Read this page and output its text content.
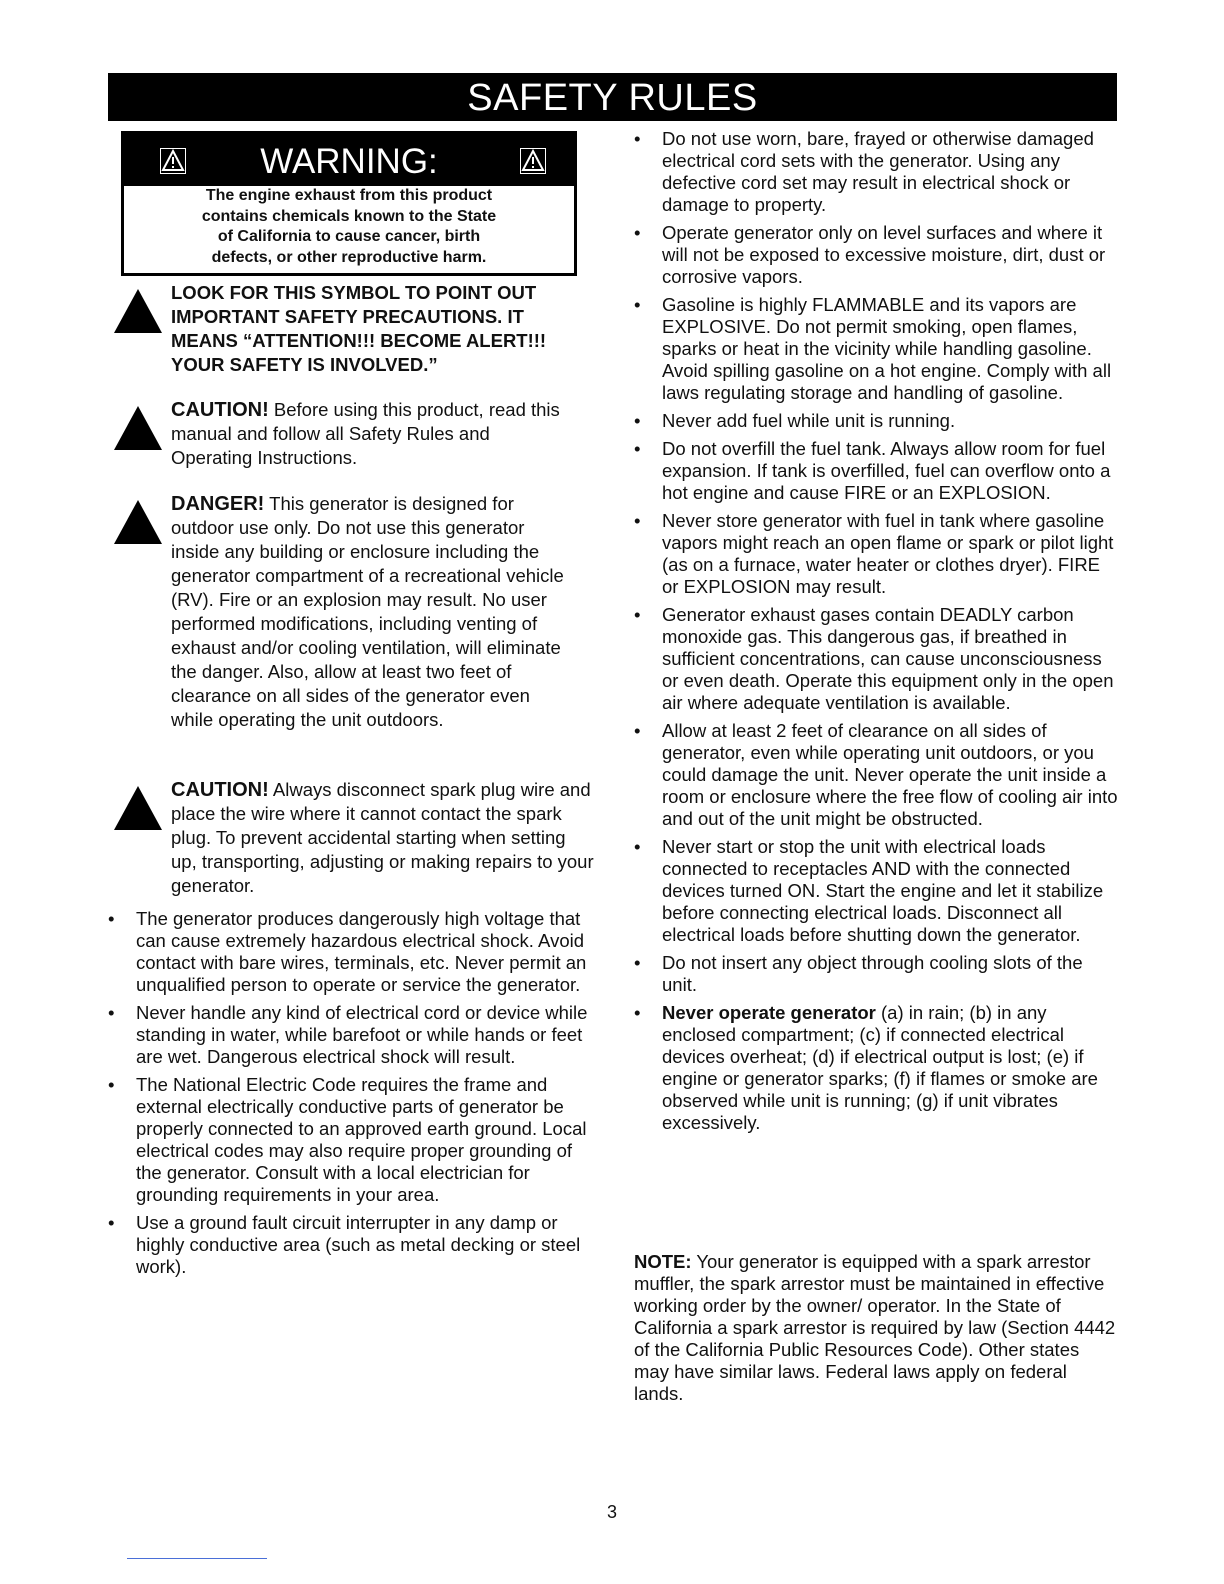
SAFETY RULES
WARNING:
The engine exhaust from this product
contains chemicals known to the State
of California to cause cancer, birth
defects, or other reproductive harm.

LOOK FOR THIS SYMBOL TO POINT OUT IMPORTANT SAFETY PRECAUTIONS. IT MEANS “ATTENTION!!! BECOME ALERT!!! YOUR SAFETY IS INVOLVED.”

CAUTION! Before using this product, read this manual and follow all Safety Rules and Operating Instructions.

DANGER! This generator is designed for outdoor use only. Do not use this generator inside any building or enclosure including the generator compartment of a recreational vehicle (RV). Fire or an explosion may result. No user performed modifications, including venting of exhaust and/or cooling ventilation, will eliminate the danger. Also, allow at least two feet of clearance on all sides of the generator even while operating the unit outdoors.

CAUTION! Always disconnect spark plug wire and place the wire where it cannot contact the spark plug. To prevent accidental starting when setting up, transporting, adjusting or making repairs to your generator.

• The generator produces dangerously high voltage that can cause extremely hazardous electrical shock. Avoid contact with bare wires, terminals, etc. Never permit an unqualified person to operate or service the generator.
• Never handle any kind of electrical cord or device while standing in water, while barefoot or while hands or feet are wet. Dangerous electrical shock will result.
• The National Electric Code requires the frame and external electrically conductive parts of generator be properly connected to an approved earth ground. Local electrical codes may also require proper grounding of the generator. Consult with a local electrician for grounding requirements in your area.
• Use a ground fault circuit interrupter in any damp or highly conductive area (such as metal decking or steel work).
• Do not use worn, bare, frayed or otherwise damaged electrical cord sets with the generator. Using any defective cord set may result in electrical shock or damage to property.
• Operate generator only on level surfaces and where it will not be exposed to excessive moisture, dirt, dust or corrosive vapors.
• Gasoline is highly FLAMMABLE and its vapors are EXPLOSIVE. Do not permit smoking, open flames, sparks or heat in the vicinity while handling gasoline. Avoid spilling gasoline on a hot engine. Comply with all laws regulating storage and handling of gasoline.
• Never add fuel while unit is running.
• Do not overfill the fuel tank. Always allow room for fuel expansion. If tank is overfilled, fuel can overflow onto a hot engine and cause FIRE or an EXPLOSION.
• Never store generator with fuel in tank where gasoline vapors might reach an open flame or spark or pilot light (as on a furnace, water heater or clothes dryer). FIRE or EXPLOSION may result.
• Generator exhaust gases contain DEADLY carbon monoxide gas. This dangerous gas, if breathed in sufficient concentrations, can cause unconsciousness or even death. Operate this equipment only in the open air where adequate ventilation is available.
• Allow at least 2 feet of clearance on all sides of generator, even while operating unit outdoors, or you could damage the unit. Never operate the unit inside a room or enclosure where the free flow of cooling air into and out of the unit might be obstructed.
• Never start or stop the unit with electrical loads connected to receptacles AND with the connected devices turned ON. Start the engine and let it stabilize before connecting electrical loads. Disconnect all electrical loads before shutting down the generator.
• Do not insert any object through cooling slots of the unit.
• Never operate generator (a) in rain; (b) in any enclosed compartment; (c) if connected electrical devices overheat; (d) if electrical output is lost; (e) if engine or generator sparks; (f) if flames or smoke are observed while unit is running; (g) if unit vibrates excessively.

NOTE: Your generator is equipped with a spark arrestor muffler, the spark arrestor must be maintained in effective working order by the owner/ operator. In the State of California a spark arrestor is required by law (Section 4442 of the California Public Resources Code). Other states may have similar laws. Federal laws apply on federal lands.

3
